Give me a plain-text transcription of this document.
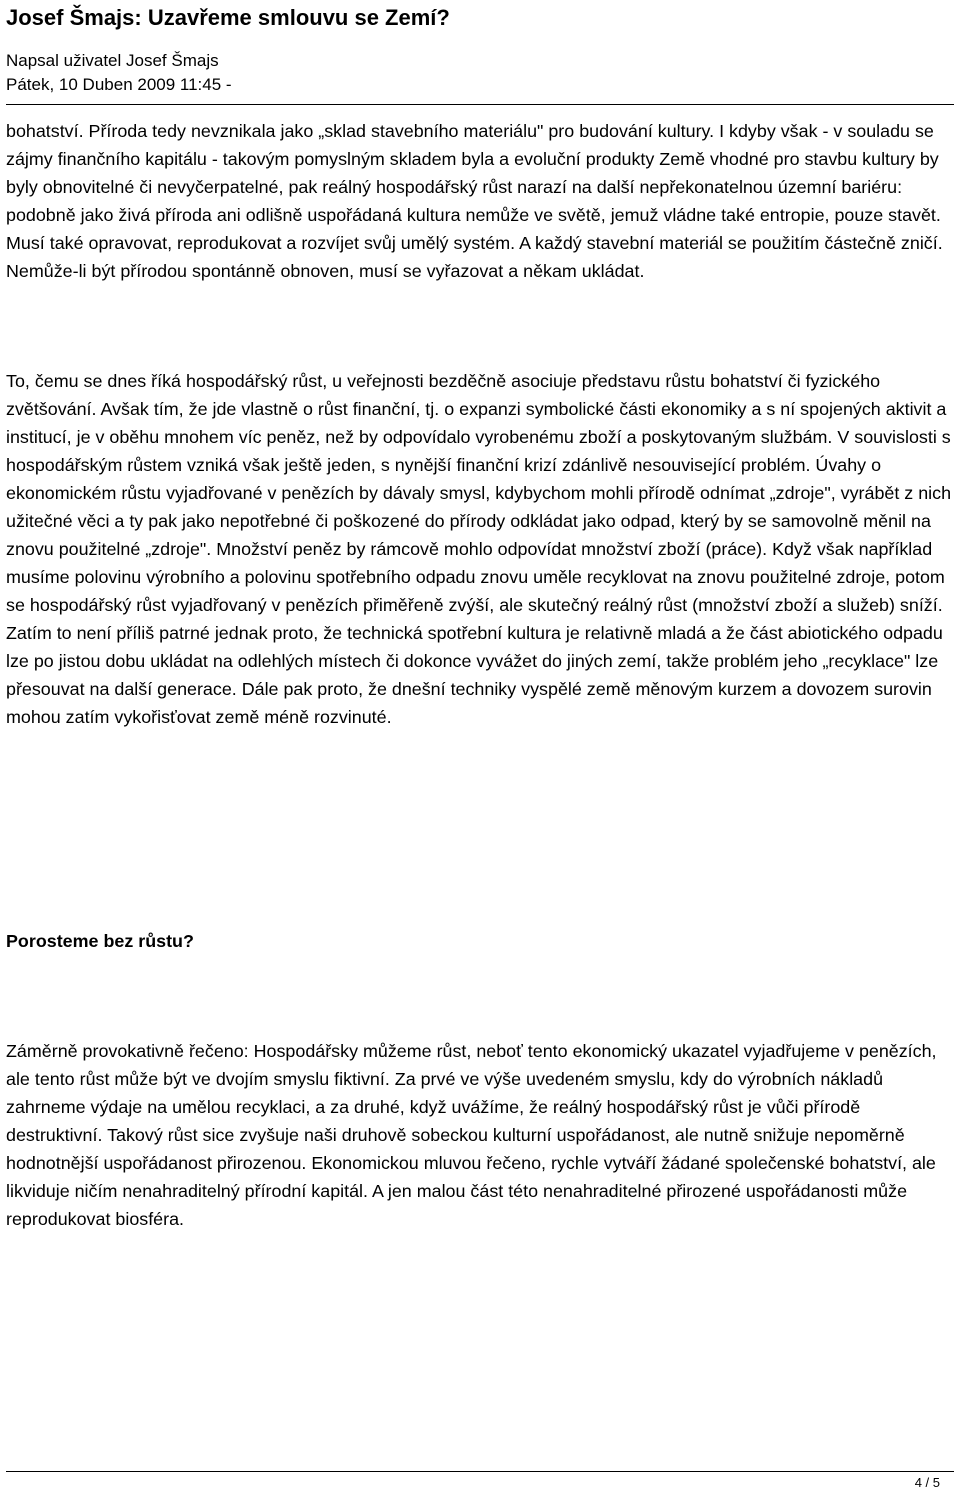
Josef Šmajs: Uzavřeme smlouvu se Zemí?
Napsal uživatel Josef Šmajs
Pátek, 10 Duben 2009 11:45 -

bohatství. Příroda tedy nevznikala jako „sklad stavebního materiálu" pro budování kultury. I kdyby však - v souladu se zájmy finančního kapitálu - takovým pomyslným skladem byla a evoluční produkty Země vhodné pro stavbu kultury by byly obnovitelné či nevyčerpatelné, pak reálný hospodářský růst narazí na další nepřekonatelnou územní bariéru: podobně jako živá příroda ani odlišně uspořádaná kultura nemůže ve světě, jemuž vládne také entropie, pouze stavět. Musí také opravovat, reprodukovat a rozvíjet svůj umělý systém. A každý stavební materiál se použitím částečně zničí. Nemůže-li být přírodou spontánně obnoven, musí se vyřazovat a někam ukládat.

To, čemu se dnes říká hospodářský růst, u veřejnosti bezděčně asociuje představu růstu bohatství či fyzického zvětšování. Avšak tím, že jde vlastně o růst finanční, tj. o expanzi symbolické části ekonomiky a s ní spojených aktivit a institucí, je v oběhu mnohem víc peněz, než by odpovídalo vyrobenému zboží a poskytovaným službám. V souvislosti s hospodářským růstem vzniká však ještě jeden, s nynější finanční krizí zdánlivě nesouvisející problém. Úvahy o ekonomickém růstu vyjadřované v penězích by dávaly smysl, kdybychom mohli přírodě odnímat „zdroje", vyrábět z nich užitečné věci a ty pak jako nepotřebné či poškozené do přírody odkládat jako odpad, který by se samovolně měnil na znovu použitelné „zdroje". Množství peněz by rámcově mohlo odpovídat množství zboží (práce). Když však například musíme polovinu výrobního a polovinu spotřebního odpadu znovu uměle recyklovat na znovu použitelné zdroje, potom se hospodářský růst vyjadřovaný v penězích přiměřeně zvýší, ale skutečný reálný růst (množství zboží a služeb) sníží. Zatím to není příliš patrné jednak proto, že technická spotřební kultura je relativně mladá a že část abiotického odpadu lze po jistou dobu ukládat na odlehlých místech či dokonce vyvážet do jiných zemí, takže problém jeho „recyklace" lze přesouvat na další generace. Dále pak proto, že dnešní techniky vyspělé země měnovým kurzem a dovozem surovin mohou zatím vykořisťovat země méně rozvinuté.

Porosteme bez růstu?

Záměrně provokativně řečeno: Hospodářsky můžeme růst, neboť tento ekonomický ukazatel vyjadřujeme v penězích, ale tento růst může být ve dvojím smyslu fiktivní. Za prvé ve výše uvedeném smyslu, kdy do výrobních nákladů zahrneme výdaje na umělou recyklaci, a za druhé, když uvážíme, že reálný hospodářský růst je vůči přírodě destruktivní. Takový růst sice zvyšuje naši druhově sobeckou kulturní uspořádanost, ale nutně snižuje nepoměrně hodnotnější uspořádanost přirozenou. Ekonomickou mluvou řečeno, rychle vytváří žádané společenské bohatství, ale likviduje ničím nenahraditelný přírodní kapitál. A jen malou část této nenahraditelné přirozené uspořádanosti může reprodukovat biosféra.

4 / 5
